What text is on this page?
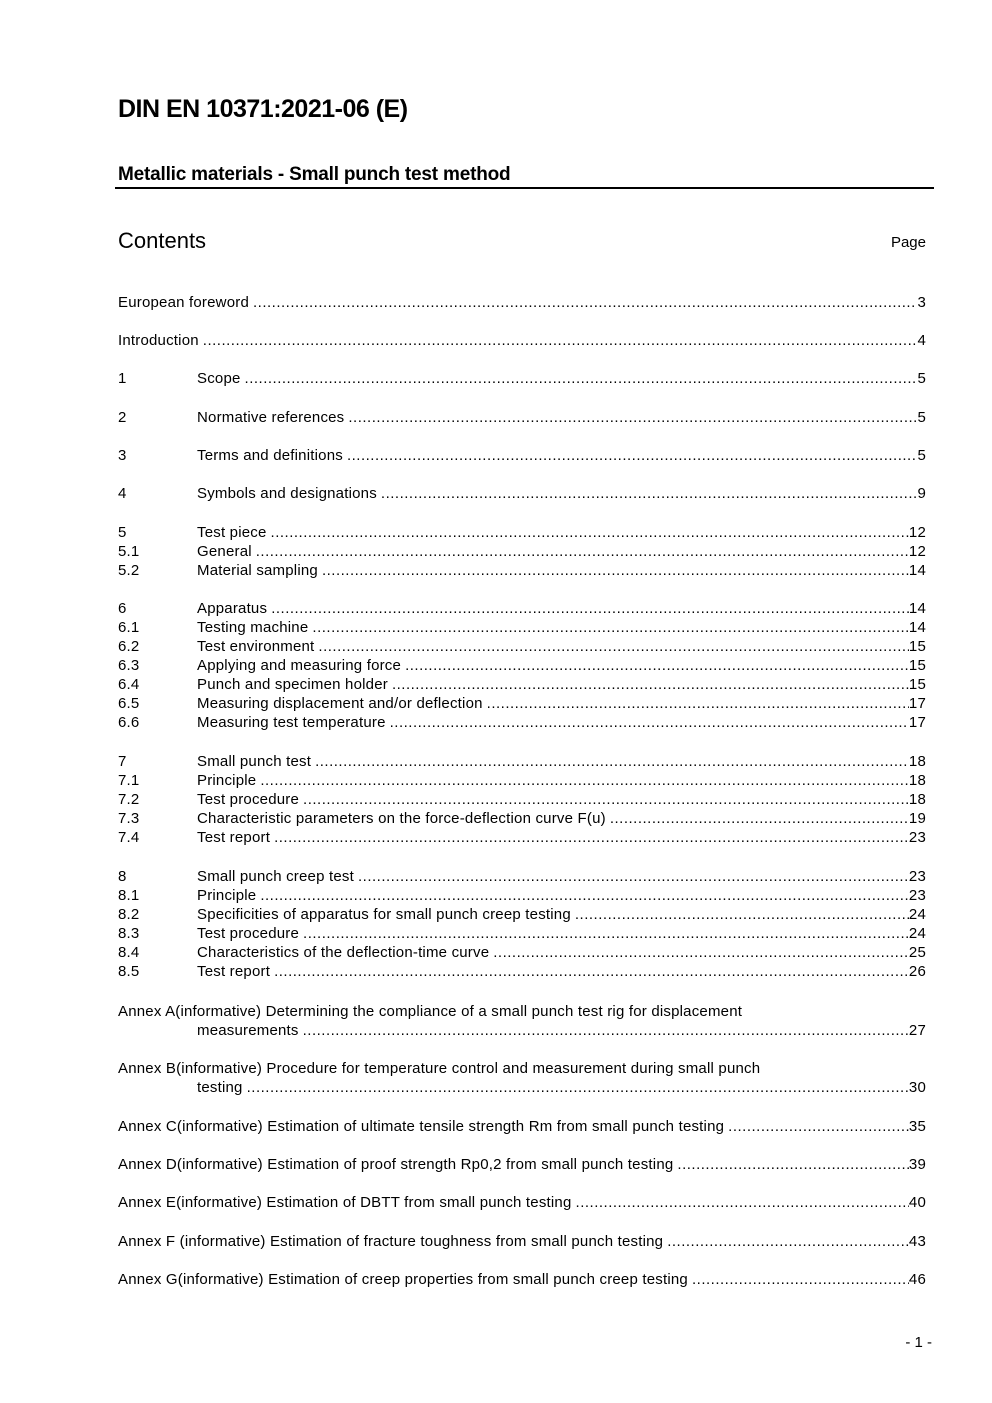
DIN EN 10371:2021-06 (E)
Metallic materials - Small punch test method
Contents	Page
European foreword .....	3
Introduction .....	4
1	Scope .....	5
2	Normative references .....	5
3	Terms and definitions .....	5
4	Symbols and designations .....	9
5	Test piece .....	12
5.1	General .....	12
5.2	Material sampling .....	14
6	Apparatus .....	14
6.1	Testing machine .....	14
6.2	Test environment .....	15
6.3	Applying and measuring force .....	15
6.4	Punch and specimen holder .....	15
6.5	Measuring displacement and/or deflection .....	17
6.6	Measuring test temperature .....	17
7	Small punch test .....	18
7.1	Principle .....	18
7.2	Test procedure .....	18
7.3	Characteristic parameters on the force-deflection curve F(u) .....	19
7.4	Test report .....	23
8	Small punch creep test .....	23
8.1	Principle .....	23
8.2	Specificities of apparatus for small punch creep testing .....	24
8.3	Test procedure .....	24
8.4	Characteristics of the deflection-time curve .....	25
8.5	Test report .....	26
Annex A(informative) Determining the compliance of a small punch test rig for displacement
measurements .....	27
Annex B(informative) Procedure for temperature control and measurement during small punch
testing .....	30
Annex C(informative) Estimation of ultimate tensile strength Rm from small punch testing .....	35
Annex D(informative) Estimation of proof strength Rp0,2 from small punch testing .....	39
Annex E(informative) Estimation of DBTT from small punch testing .....	40
Annex F (informative) Estimation of fracture toughness from small punch testing .....	43
Annex G(informative) Estimation of creep properties from small punch creep testing .....	46
- 1 -
